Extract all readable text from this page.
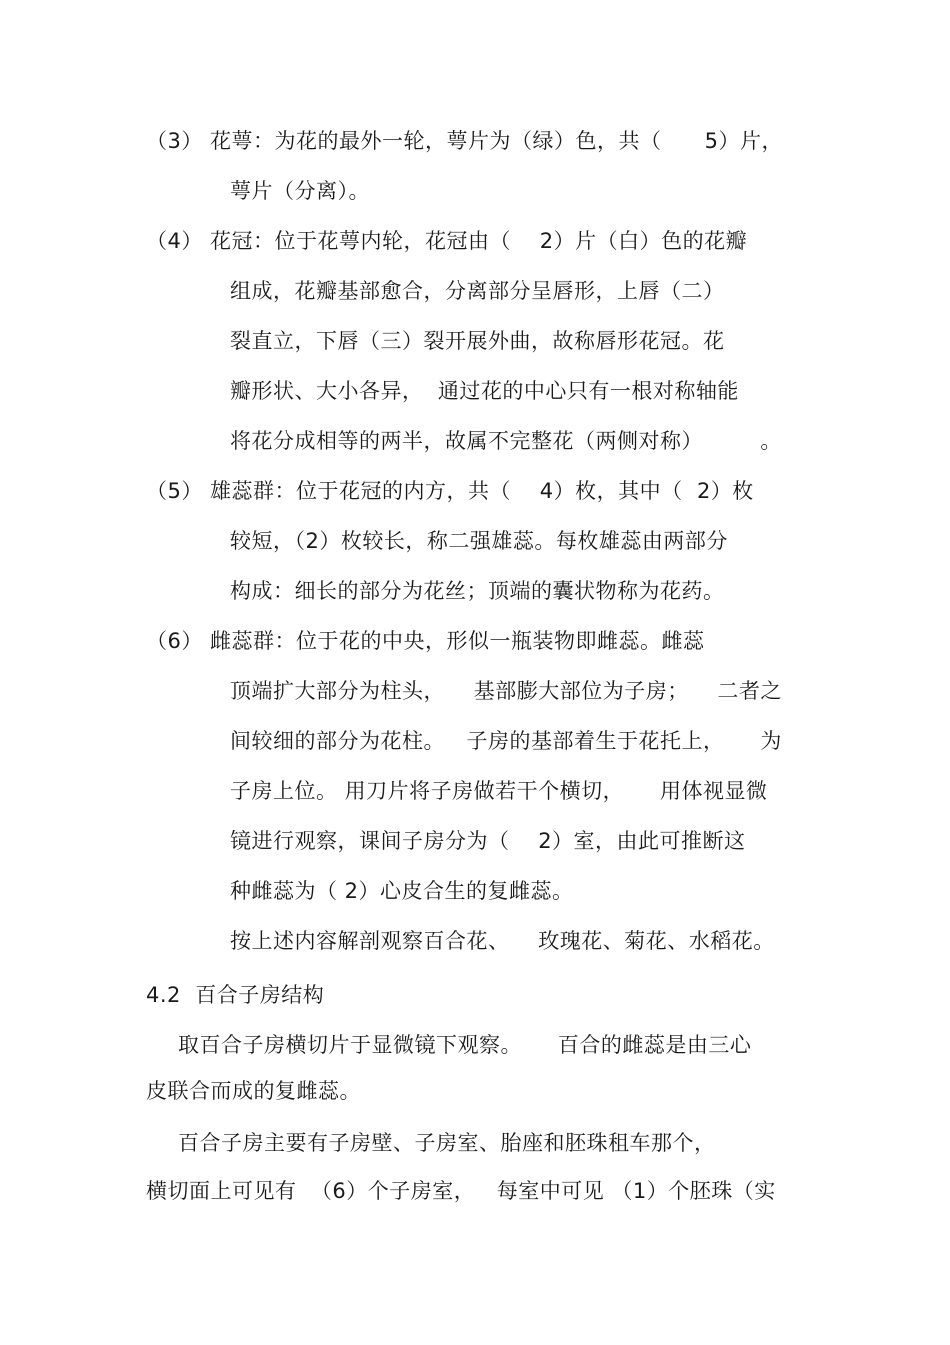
（3） 花萼：为花的最外一轮，萼片为（绿）色，共（      5）片，
萼片（分离）。
（4） 花冠：位于花萼内轮，花冠由（    2）片（白）色的花瓣
组成，花瓣基部愈合，分离部分呈唇形，上唇（二）
裂直立，下唇（三）裂开展外曲，故称唇形花冠。花
瓣形状、大小各异，  通过花的中心只有一根对称轴能
将花分成相等的两半，故属不完整花（两侧对称）        。
（5） 雄蕊群：位于花冠的内方，共（    4）枚，其中（  2）枚
较短，（2）枚较长，称二强雄蕊。每枚雄蕊由两部分
构成：细长的部分为花丝；顶端的囊状物称为花药。
（6） 雌蕊群：位于花的中央，形似一瓶装物即雌蕊。雌蕊
顶端扩大部分为柱头，    基部膨大部位为子房；    二者之
间较细的部分为花柱。   子房的基部着生于花托上，     为
子房上位。 用刀片将子房做若干个横切，     用体视显微
镜进行观察，课间子房分为（    2）室，由此可推断这
种雌蕊为（ 2）心皮合生的复雌蕊。
按上述内容解剖观察百合花、    玫瑰花、菊花、水稻花。
4.2  百合子房结构
取百合子房横切片于显微镜下观察。     百合的雌蕊是由三心
皮联合而成的复雌蕊。
百合子房主要有子房壁、子房室、胎座和胚珠租车那个，
横切面上可见有  （6）个子房室，   每室中可见 （1）个胚珠（实
